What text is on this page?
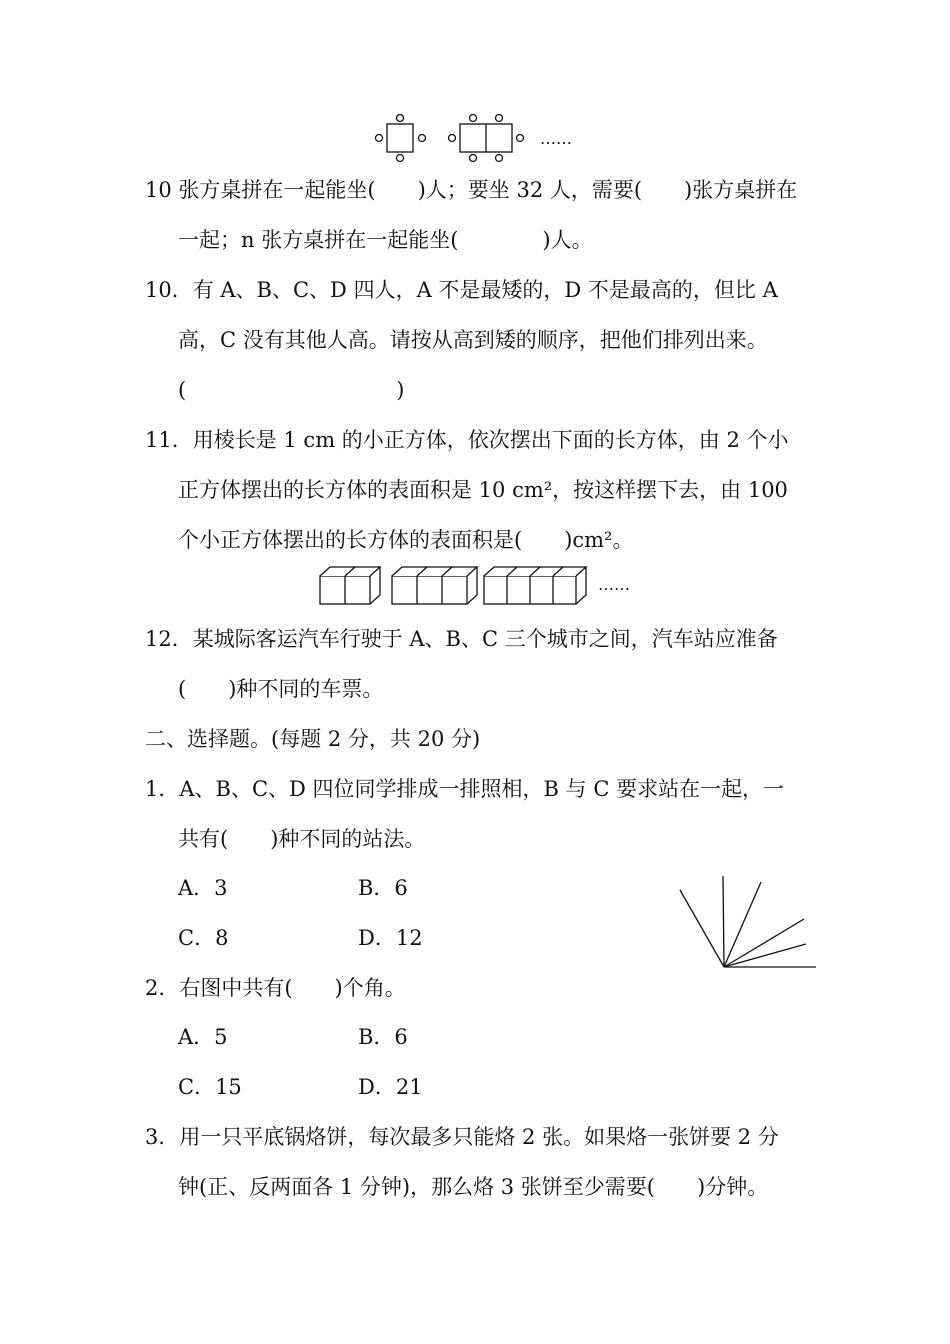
……
10 张方桌拼在一起能坐(　　)人；要坐 32 人，需要(　　)张方桌拼在
一起；n 张方桌拼在一起能坐(　　　　)人。
10．有 A、B、C、D 四人，A 不是最矮的，D 不是最高的，但比 A
高，C 没有其他人高。请按从高到矮的顺序，把他们排列出来。
(　　　　　　　　　　)
11．用棱长是 1 cm 的小正方体，依次摆出下面的长方体，由 2 个小
正方体摆出的长方体的表面积是 10 cm²，按这样摆下去，由 100
个小正方体摆出的长方体的表面积是(　　)cm²。
……
12．某城际客运汽车行驶于 A、B、C 三个城市之间，汽车站应准备
(　　)种不同的车票。
二、选择题。(每题 2 分，共 20 分)
1．A、B、C、D 四位同学排成一排照相，B 与 C 要求站在一起，一
共有(　　)种不同的站法。
A．3	B．6
C．8	D．12
2．右图中共有(　　)个角。
A．5	B．6
C．15	D．21
3．用一只平底锅烙饼，每次最多只能烙 2 张。如果烙一张饼要 2 分
钟(正、反两面各 1 分钟)，那么烙 3 张饼至少需要(　　)分钟。
